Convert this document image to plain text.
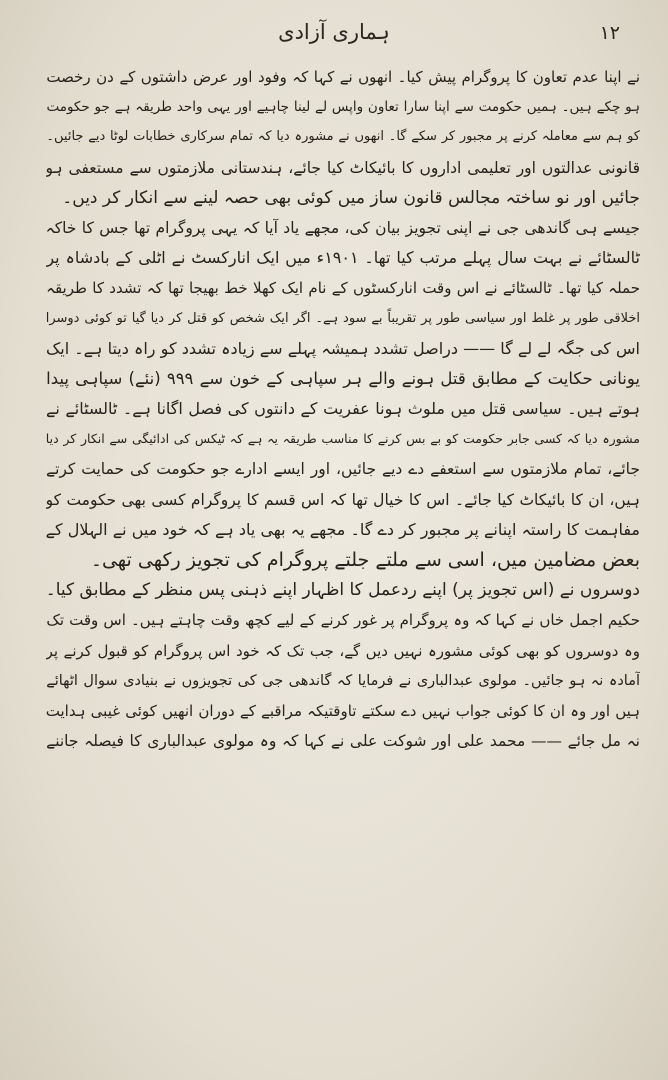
۱۲
ہماری آزادی
نے اپنا عدم تعاون کا پروگرام پیش کیا۔ انھوں نے کہا کہ وفود اور عرض داشتوں کے دن رخصت
ہو چکے ہیں۔ ہمیں حکومت سے اپنا سارا تعاون واپس لے لینا چاہیے اور یہی واحد طریقہ ہے جو حکومت
کو ہم سے معاملہ کرنے پر مجبور کر سکے گا۔ انھوں نے مشورہ دیا کہ تمام سرکاری خطابات لوٹا دیے جائیں۔
قانونی عدالتوں اور تعلیمی اداروں کا بائیکاٹ کیا جائے، ہندستانی ملازمتوں سے مستعفی ہو
جائیں اور نو ساختہ مجالس قانون ساز میں کوئی بھی حصہ لینے سے انکار کر دیں۔
جیسے ہی گاندھی جی نے اپنی تجویز بیان کی، مجھے یاد آیا کہ یہی پروگرام تھا جس کا خاکہ
ٹالسٹائے نے بہت سال پہلے مرتب کیا تھا۔ ۱۹۰۱ء میں ایک انارکسٹ نے اٹلی کے بادشاہ پر
حملہ کیا تھا۔ ٹالسٹائے نے اس وقت انارکسٹوں کے نام ایک کھلا خط بھیجا تھا کہ تشدد کا طریقہ
اخلاقی طور پر غلط اور سیاسی طور پر تقریباً بے سود ہے۔ اگر ایک شخص کو قتل کر دیا گیا تو کوئی دوسرا
اس کی جگہ لے لے گا —— دراصل تشدد ہمیشہ پہلے سے زیادہ تشدد کو راہ دیتا ہے۔ ایک
یونانی حکایت کے مطابق قتل ہونے والے ہر سپاہی کے خون سے ۹۹۹ (نئے) سپاہی پیدا
ہوتے ہیں۔ سیاسی قتل میں ملوث ہونا عفریت کے دانتوں کی فصل اگانا ہے۔ ٹالسٹائے نے
مشورہ دیا کہ کسی جابر حکومت کو بے بس کرنے کا مناسب طریقہ یہ ہے کہ ٹیکس کی ادائیگی سے انکار کر دیا
جائے، تمام ملازمتوں سے استعفے دے دیے جائیں، اور ایسے ادارے جو حکومت کی حمایت کرتے
ہیں، ان کا بائیکاٹ کیا جائے۔ اس کا خیال تھا کہ اس قسم کا پروگرام کسی بھی حکومت کو
مفاہمت کا راستہ اپنانے پر مجبور کر دے گا۔ مجھے یہ بھی یاد ہے کہ خود میں نے الہلال کے
بعض مضامین میں، اسی سے ملتے جلتے پروگرام کی تجویز رکھی تھی۔
دوسروں نے (اس تجویز پر) اپنے ردعمل کا اظہار اپنے ذہنی پس منظر کے مطابق کیا۔
حکیم اجمل خاں نے کہا کہ وہ پروگرام پر غور کرنے کے لیے کچھ وقت چاہتے ہیں۔ اس وقت تک
وہ دوسروں کو بھی کوئی مشورہ نہیں دیں گے، جب تک کہ خود اس پروگرام کو قبول کرنے پر
آمادہ نہ ہو جائیں۔ مولوی عبدالباری نے فرمایا کہ گاندھی جی کی تجویزوں نے بنیادی سوال اٹھائے
ہیں اور وہ ان کا کوئی جواب نہیں دے سکتے تاوقتیکہ مراقبے کے دوران انھیں کوئی غیبی ہدایت
نہ مل جائے —— محمد علی اور شوکت علی نے کہا کہ وہ مولوی عبدالباری کا فیصلہ جاننے
